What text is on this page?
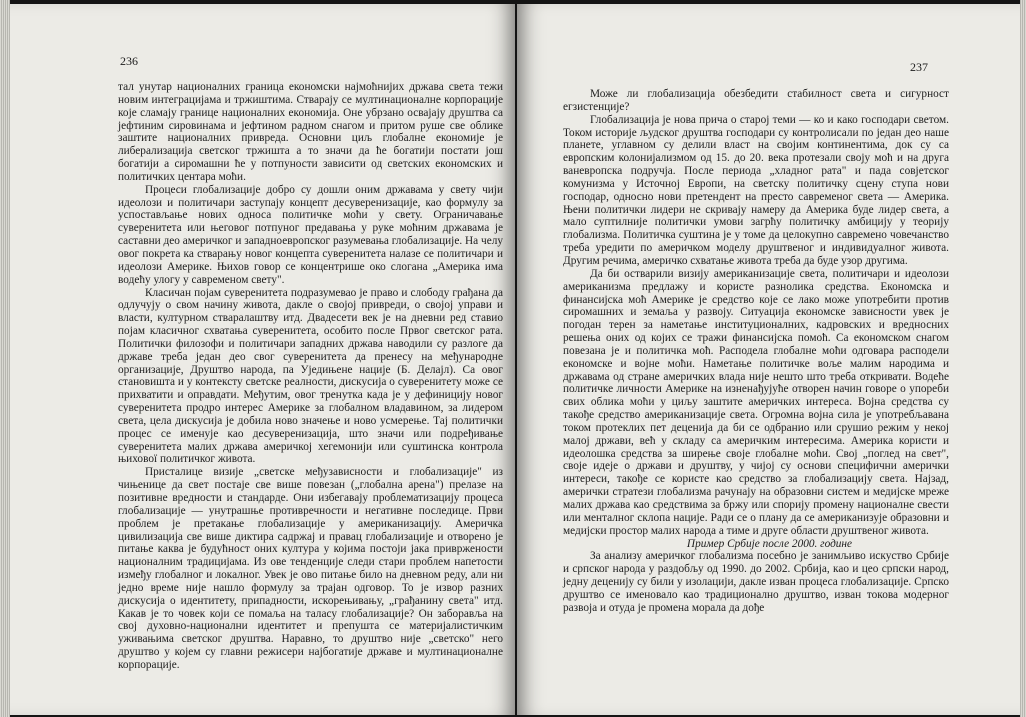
236

тал унутар националних граница економски најмоћнијих држава света тежи новим интеграцијама и тржиштима. Стварају се мултинационалне корпорације које сламају границе националних економија. Оне убрзано освајају друштва са јефтиним сировинама и јефтином радном снагом и притом руше све облике заштите националних привреда. Основни циљ глобалне економије је либерализација светског тржишта а то значи да ће богатији постати још богатији а сиромашни ће у потпуности зависити од светских економских и политичких центара моћи.

Процеси глобализације добро су дошли оним државама у свету чији идеолози и политичари заступају концепт десуверенизације, као формулу за успостављање нових односа политичке моћи у свету. Ограничавање суверенитета или његовог потпуног предавања у руке моћним државама је саставни део америчког и западноевропског разумевања глобализације. На челу овог покрета ка стварању новог концепта суверенитета налазе се политичари и идеолози Америке. Њихов говор се концентрише око слогана „Америка има водећу улогу у савременом свету".

Класичан појам суверенитета подразумевао је право и слободу грађана да одлучују о свом начину живота, дакле о својој привреди, о својој управи и власти, културном стваралаштву итд. Двадесети век је на дневни ред ставио појам класичног схватања суверенитета, особито после Првог светског рата. Политички филозофи и политичари западних држава наводили су разлоге да државе треба један део свог суверенитета да пренесу на међународне организације, Друштво народа, па Уједињене нације (Б. Делајл). Са овог становишта и у контексту светске реалности, дискусија о суверенитету може се прихватити и оправдати. Међутим, овог тренутка када је у дефиницију новог суверенитета продро интерес Америке за глобалном владавином, за лидером света, цела дискусија је добила ново значење и ново усмерење. Тај политички процес се именује као десуверенизација, што значи или подређивање суверенитета малих држава америчкој хегемонији или суштинска контрола њихової политичког живота.

Присталице визије „светске међузависности и глобализације" из чињенице да свет постаје све више повезан („глобална арена") прелазе на позитивне вредности и стандарде. Они избегавају проблематизацију процеса глобализације — унутрашње противречности и негативне последице. Први проблем је претакање глобализације у американизацију. Америчка цивилизација све више диктира садржај и правац глобализације и отворено је питање каква је будућност оних култура у којима постоји јака привржености националним традицијама. Из ове тенденције следи стари проблем напетости између глобалног и локалног. Увек је ово питање било на дневном реду, али ни једно време није нашло формулу за трајан одговор. То је извор разних дискусија о идентитету, припадности, искорењивању, „грађанину света" итд. Какав је то човек који се помаља на таласу глобализације? Он заборавља на свој духовно-национални идентитет и препушта се материјалистичким уживањима светског друштва. Наравно, то друштво није „светско" него друштво у којем су главни режисери најбогатије државе и мултинационалне корпорације.

237

Може ли глобализација обезбедити стабилност света и сигурност егзистенције?

Глобализација је нова прича о старој теми — ко и како господари светом. Током историје људског друштва господари су контролисали по један део наше планете, углавном су делили власт на својим континентима, док су са европским колонијализмом од 15. до 20. века протезали своју моћ и на друга ваневропска подручја. После периода „хладног рата" и пада совјетског комунизма у Источној Европи, на светску политичку сцену ступа нови господар, односно нови претендент на престо савременог света — Америка. Њени политички лидери не скривају намеру да Америка буде лидер света, а мало суптилније политички умови загрћу политичку амбицију у теорију глобализма. Политичка суштина је у томе да целокупно савремено човечанство треба уредити по америчком моделу друштвеног и индивидуалног живота. Другим речима, америчко схватање живота треба да буде узор другима.

Да би остварили визију американизације света, политичари и идеолози американизма предлажу и користе разнолика средства. Економска и финансијска моћ Америке је средство које се лако може употребити против сиромашних и земаља у развоју. Ситуација економске зависности увек је погодан терен за наметање институционалних, кадровских и вредносних решења оних од којих се тражи финансијска помоћ. Са економском снагом повезана је и политичка моћ. Расподела глобалне моћи одговара расподели економске и војне моћи. Наметање политичке воље малим народима и државама од стране америчких влада није нешто што треба откривати. Водеће политичке личности Америке на изненађујуће отворен начин говоре о упореби свих облика моћи у циљу заштите америчких интереса. Војна средства су такође средство американизације света. Огромна војна сила је употребљавана током протеклих пет деценија да би се одбранио или срушио режим у некој малој држави, већ у складу са америчким интересима. Америка користи и идеолошка средства за ширење своје глобалне моћи. Свој „поглед на свет", своје идеје о држави и друштву, у чијој су основи специфични амерички интереси, такође се користе као средство за глобализацију света. Најзад, амерички стратези глобализма рачунају на образовни систем и медијске мреже малих држава као средствима за бржу или спорију промену националне свести или менталног склопа нације. Ради се о плану да се американизује образовни и медијски простор малих народа а тиме и друге области друштвеног живота.

Пример Србије после 2000. године

За анализу америчког глобализма посебно је занимљиво искуство Србије и српског народа у раздобљу од 1990. до 2002. Србија, као и цео српски народ, једну деценију су били у изолацији, дакле изван процеса глобализације. Српско друштво се именовало као традиционално друштво, изван токова модерног развоја и отуда је промена морала да дође
